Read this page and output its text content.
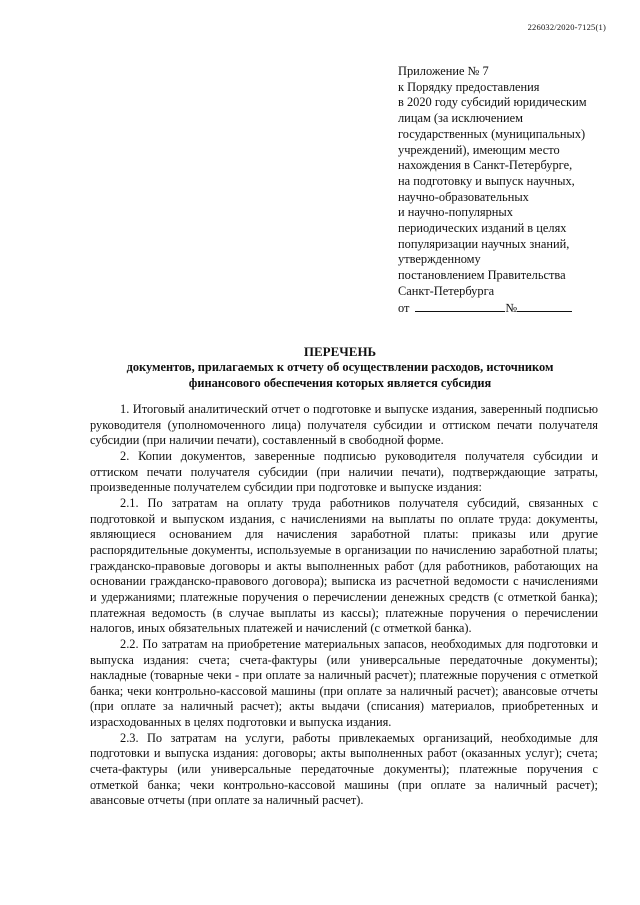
226032/2020-7125(1)
Приложение № 7
к Порядку предоставления
в 2020 году субсидий юридическим
лицам (за исключением
государственных (муниципальных)
учреждений), имеющим место
нахождения в Санкт-Петербурге,
на подготовку и выпуск научных,
научно-образовательных
и научно-популярных
периодических изданий в целях
популяризации научных знаний,
утвержденному
постановлением Правительства
Санкт-Петербурга
от	№
ПЕРЕЧЕНЬ
документов, прилагаемых к отчету об осуществлении расходов, источником финансового обеспечения которых является субсидия

1. Итоговый аналитический отчет о подготовке и выпуске издания, заверенный подписью руководителя (уполномоченного лица) получателя субсидии и оттиском печати получателя субсидии (при наличии печати), составленный в свободной форме.

2. Копии документов, заверенные подписью руководителя получателя субсидии и оттиском печати получателя субсидии (при наличии печати), подтверждающие затраты, произведенные получателем субсидии при подготовке и выпуске издания:

2.1. По затратам на оплату труда работников получателя субсидий, связанных с подготовкой и выпуском издания, с начислениями на выплаты по оплате труда: документы, являющиеся основанием для начисления заработной платы: приказы или другие распорядительные документы, используемые в организации по начислению заработной платы; гражданско-правовые договоры и акты выполненных работ (для работников, работающих на основании гражданско-правового договора); выписка из расчетной ведомости с начислениями и удержаниями; платежные поручения о перечислении денежных средств (с отметкой банка); платежная ведомость (в случае выплаты из кассы); платежные поручения о перечислении налогов, иных обязательных платежей и начислений (с отметкой банка).

2.2. По затратам на приобретение материальных запасов, необходимых для подготовки и выпуска издания: счета; счета-фактуры (или универсальные передаточные документы); накладные (товарные чеки - при оплате за наличный расчет); платежные поручения с отметкой банка; чеки контрольно-кассовой машины (при оплате за наличный расчет); авансовые отчеты (при оплате за наличный расчет); акты выдачи (списания) материалов, приобретенных и израсходованных в целях подготовки и выпуска издания.

2.3. По затратам на услуги, работы привлекаемых организаций, необходимые для подготовки и выпуска издания: договоры; акты выполненных работ (оказанных услуг); счета; счета-фактуры (или универсальные передаточные документы); платежные поручения с отметкой банка; чеки контрольно-кассовой машины (при оплате за наличный расчет); авансовые отчеты (при оплате за наличный расчет).
